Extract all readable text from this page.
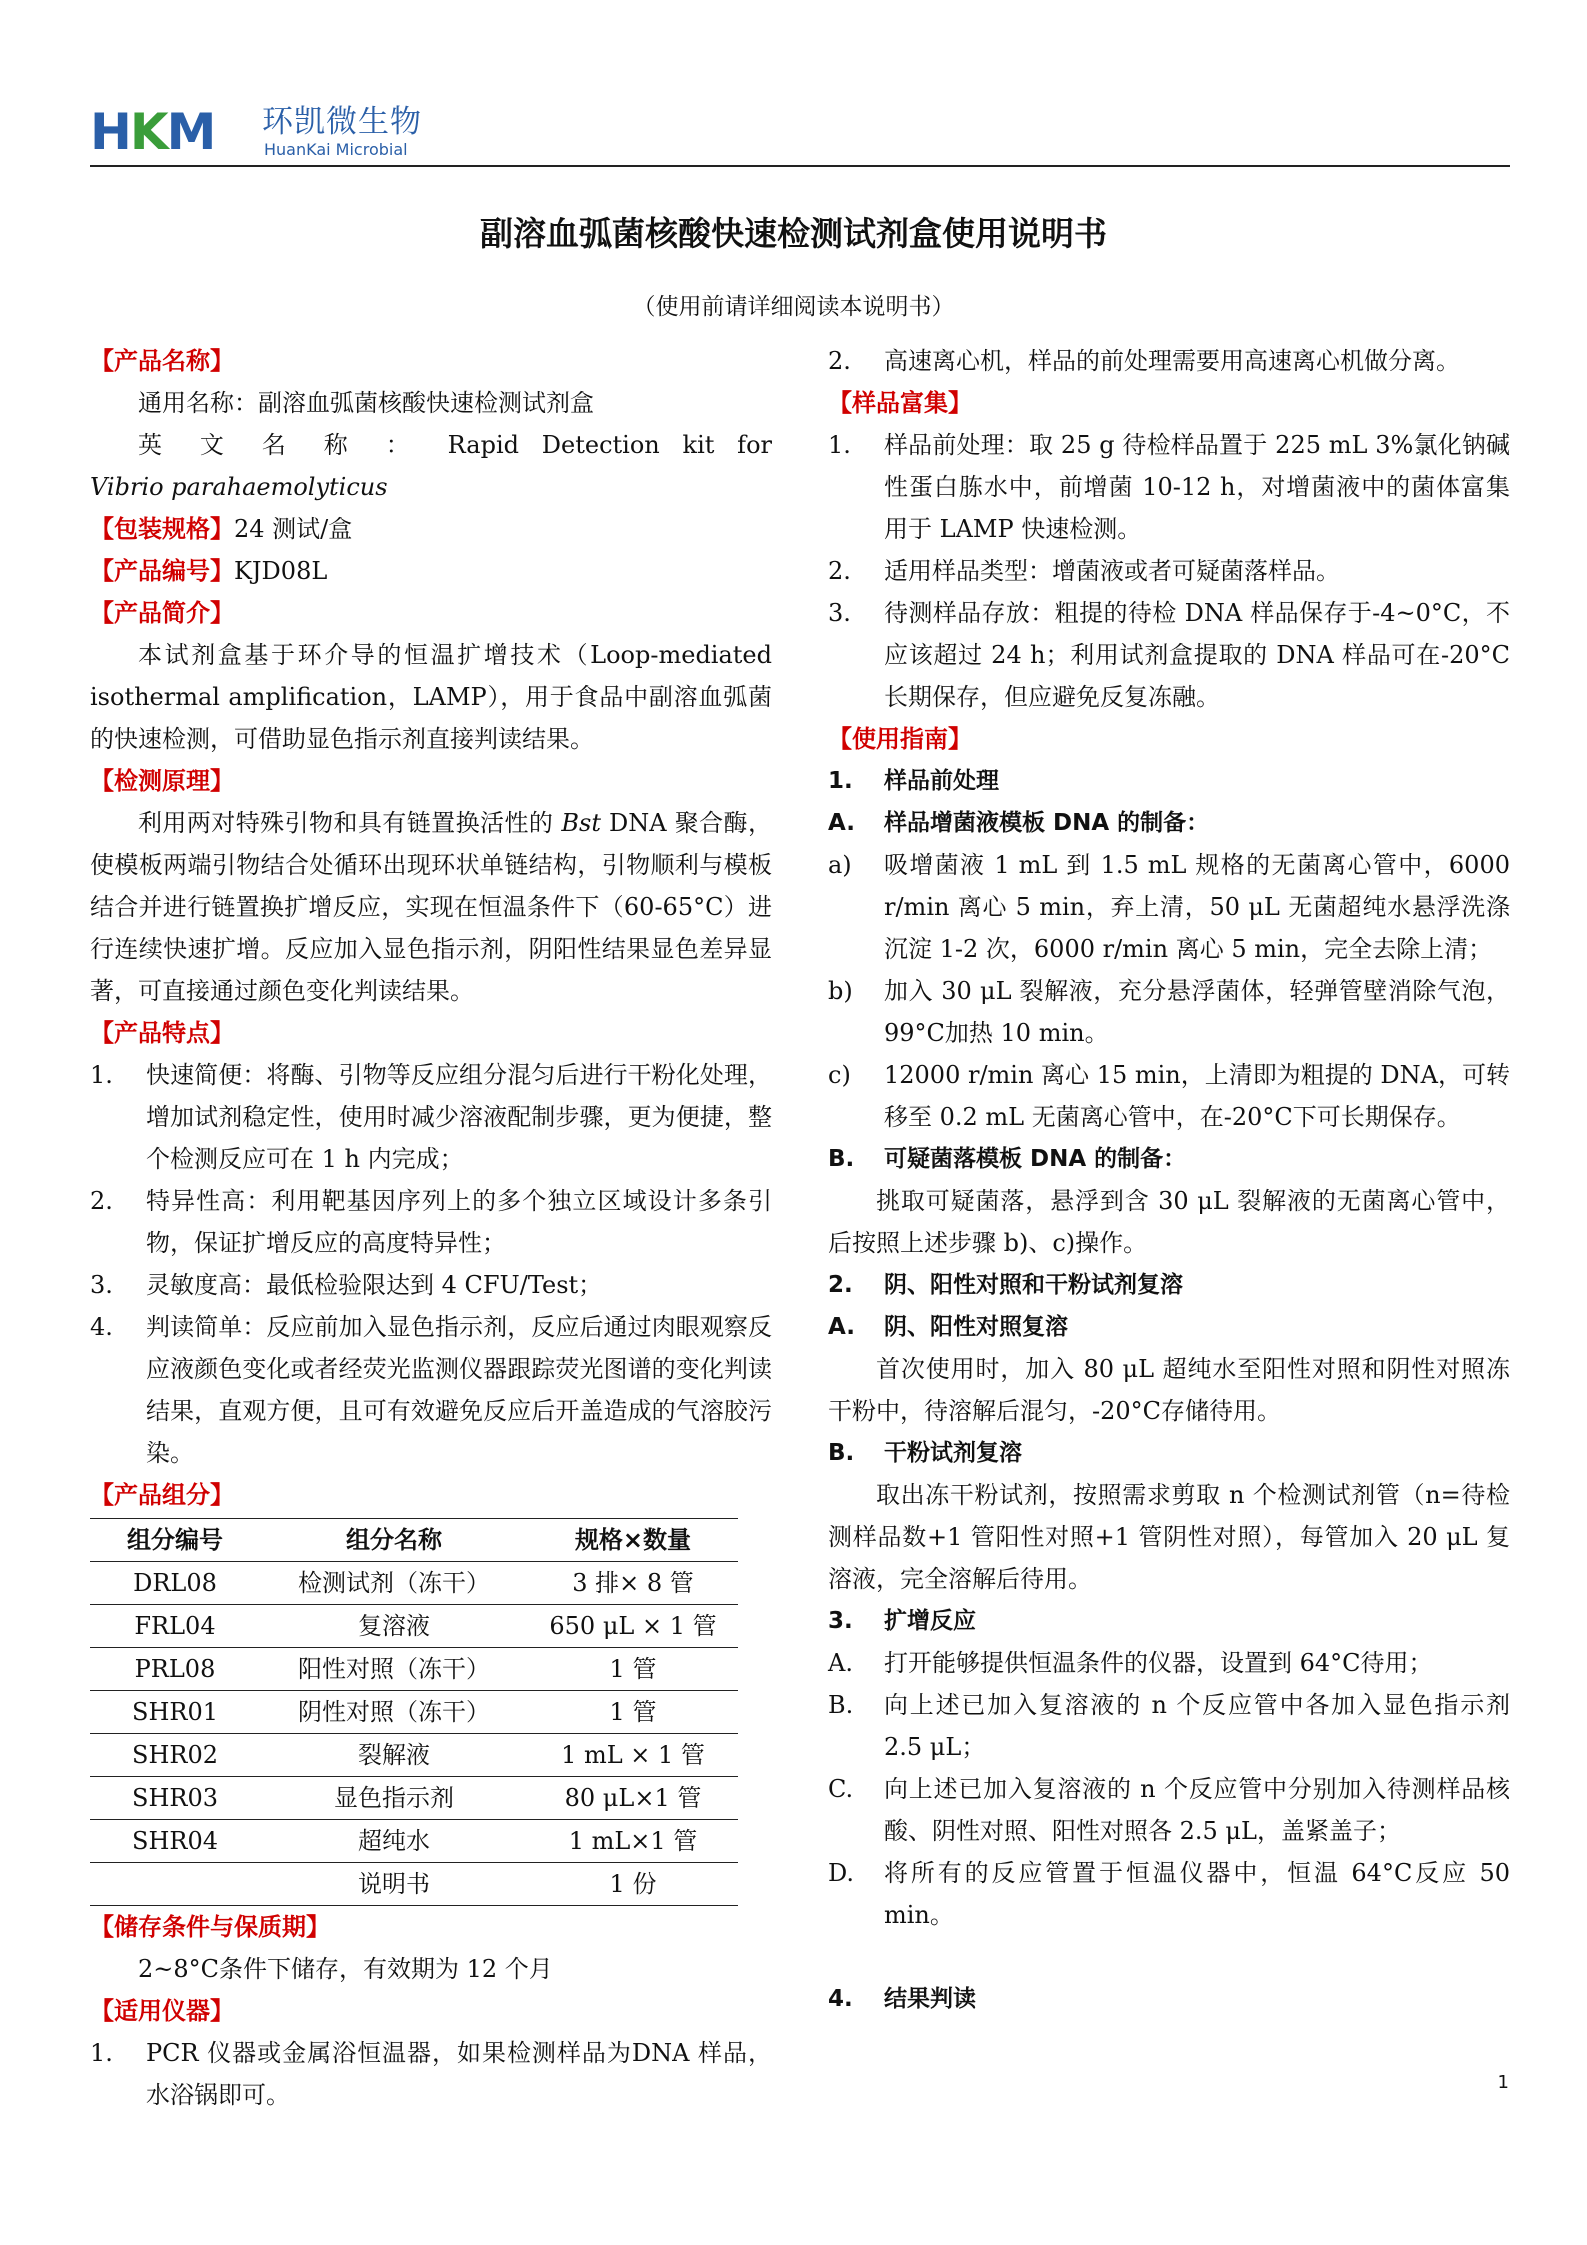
HKM 环凯微生物
HuanKai Microbial
副溶血弧菌核酸快速检测试剂盒使用说明书
（使用前请详细阅读本说明书）
【产品名称】

通用名称：副溶血弧菌核酸快速检测试剂盒

英 文 名 称 ： Rapid Detection kit for

Vibrio parahaemolyticus

【包装规格】24 测试/盒

【产品编号】KJD08L

【产品简介】

本试剂盒基于环介导的恒温扩增技术（Loop-mediated isothermal amplification，LAMP），用于食品中副溶血弧菌的快速检测，可借助显色指示剂直接判读结果。

【检测原理】

利用两对特殊引物和具有链置换活性的 Bst DNA 聚合酶，使模板两端引物结合处循环出现环状单链结构，引物顺利与模板结合并进行链置换扩增反应，实现在恒温条件下（60-65°C）进行连续快速扩增。反应加入显色指示剂，阴阳性结果显色差异显著，可直接通过颜色变化判读结果。

【产品特点】
1.	快速简便：将酶、引物等反应组分混匀后进行干粉化处理，增加试剂稳定性，使用时减少溶液配制步骤，更为便捷，整个检测反应可在 1 h 内完成；
2.	特异性高：利用靶基因序列上的多个独立区域设计多条引物，保证扩增反应的高度特异性；
3.	灵敏度高：最低检验限达到 4 CFU/Test；
4.	判读简单：反应前加入显色指示剂，反应后通过肉眼观察反应液颜色变化或者经荧光监测仪器跟踪荧光图谱的变化判读结果，直观方便，且可有效避免反应后开盖造成的气溶胶污染。
【产品组分】
组分编号	组分名称	规格×数量
DRL08	检测试剂（冻干）	3 排× 8 管
FRL04	复溶液	650 μL × 1 管
PRL08	阳性对照（冻干）	1 管
SHR01	阴性对照（冻干）	1 管
SHR02	裂解液	1 mL × 1 管
SHR03	显色指示剂	80 μL×1 管
SHR04	超纯水	1 mL×1 管
	说明书	1 份
【储存条件与保质期】

2~8°C条件下储存，有效期为 12 个月

【适用仪器】
1.	PCR 仪器或金属浴恒温器，如果检测样品为DNA 样品，水浴锅即可。
2.	高速离心机，样品的前处理需要用高速离心机做分离。
【样品富集】
1.	样品前处理：取 25 g 待检样品置于 225 mL 3%氯化钠碱性蛋白胨水中，前增菌 10-12 h，对增菌液中的菌体富集用于 LAMP 快速检测。
2.	适用样品类型：增菌液或者可疑菌落样品。
3.	待测样品存放：粗提的待检 DNA 样品保存于-4~0°C，不应该超过 24 h；利用试剂盒提取的 DNA 样品可在-20°C长期保存，但应避免反复冻融。
【使用指南】
1.	样品前处理
A.	样品增菌液模板 DNA 的制备：
a)	吸增菌液 1 mL 到 1.5 mL 规格的无菌离心管中，6000 r/min 离心 5 min，弃上清，50 μL 无菌超纯水悬浮洗涤沉淀 1-2 次，6000 r/min 离心 5 min，完全去除上清；
b)	加入 30 μL 裂解液，充分悬浮菌体，轻弹管壁消除气泡，99°C加热 10 min。
c)	12000 r/min 离心 15 min，上清即为粗提的 DNA，可转移至 0.2 mL 无菌离心管中，在-20°C下可长期保存。
B.	可疑菌落模板 DNA 的制备：

挑取可疑菌落，悬浮到含 30 μL 裂解液的无菌离心管中，后按照上述步骤 b)、c)操作。

2.	阴、阳性对照和干粉试剂复溶
A.	阴、阳性对照复溶

首次使用时，加入 80 μL 超纯水至阳性对照和阴性对照冻干粉中，待溶解后混匀，-20°C存储待用。

B.	干粉试剂复溶

取出冻干粉试剂，按照需求剪取 n 个检测试剂管（n=待检测样品数+1 管阳性对照+1 管阴性对照），每管加入 20 μL 复溶液，完全溶解后待用。

3.	扩增反应
A.	打开能够提供恒温条件的仪器，设置到 64°C待用；
B.	向上述已加入复溶液的 n 个反应管中各加入显色指示剂 2.5 μL；
C.	向上述已加入复溶液的 n 个反应管中分别加入待测样品核酸、阴性对照、阳性对照各 2.5 μL，盖紧盖子；
D.	将所有的反应管置于恒温仪器中，恒温 64°C反应 50 min。
4.	结果判读
1
